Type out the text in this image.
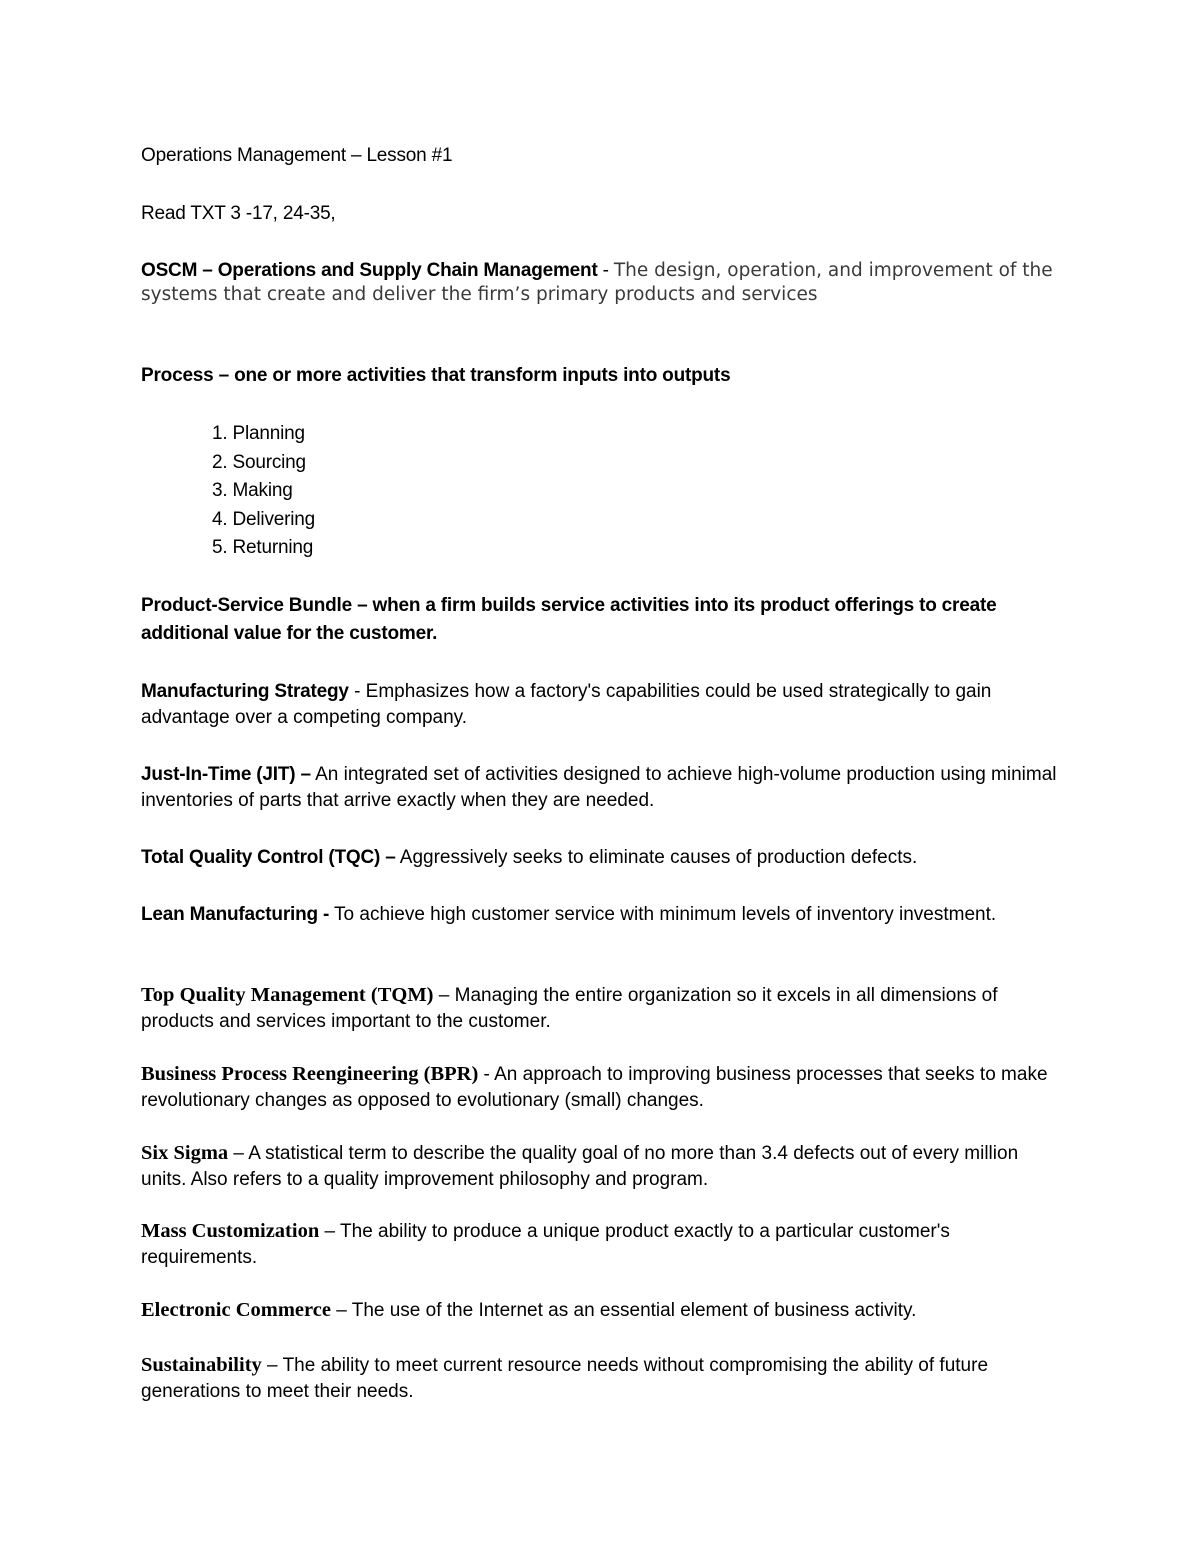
Operations Management – Lesson #1

Read TXT 3 -17, 24-35,

OSCM – Operations and Supply Chain Management - The design, operation, and improvement of the systems that create and deliver the firm’s primary products and services

Process – one or more activities that transform inputs into outputs

1. Planning
2. Sourcing
3. Making
4. Delivering
5. Returning

Product-Service Bundle – when a firm builds service activities into its product offerings to create additional value for the customer.

Manufacturing Strategy - Emphasizes how a factory's capabilities could be used strategically to gain advantage over a competing company.

Just-In-Time (JIT) – An integrated set of activities designed to achieve high-volume production using minimal inventories of parts that arrive exactly when they are needed.

Total Quality Control (TQC) – Aggressively seeks to eliminate causes of production defects.

Lean Manufacturing - To achieve high customer service with minimum levels of inventory investment.

Top Quality Management (TQM) – Managing the entire organization so it excels in all dimensions of products and services important to the customer.

Business Process Reengineering (BPR) - An approach to improving business processes that seeks to make revolutionary changes as opposed to evolutionary (small) changes.

Six Sigma – A statistical term to describe the quality goal of no more than 3.4 defects out of every million units. Also refers to a quality improvement philosophy and program.

Mass Customization – The ability to produce a unique product exactly to a particular customer's requirements.

Electronic Commerce – The use of the Internet as an essential element of business activity.

Sustainability – The ability to meet current resource needs without compromising the ability of future generations to meet their needs.
